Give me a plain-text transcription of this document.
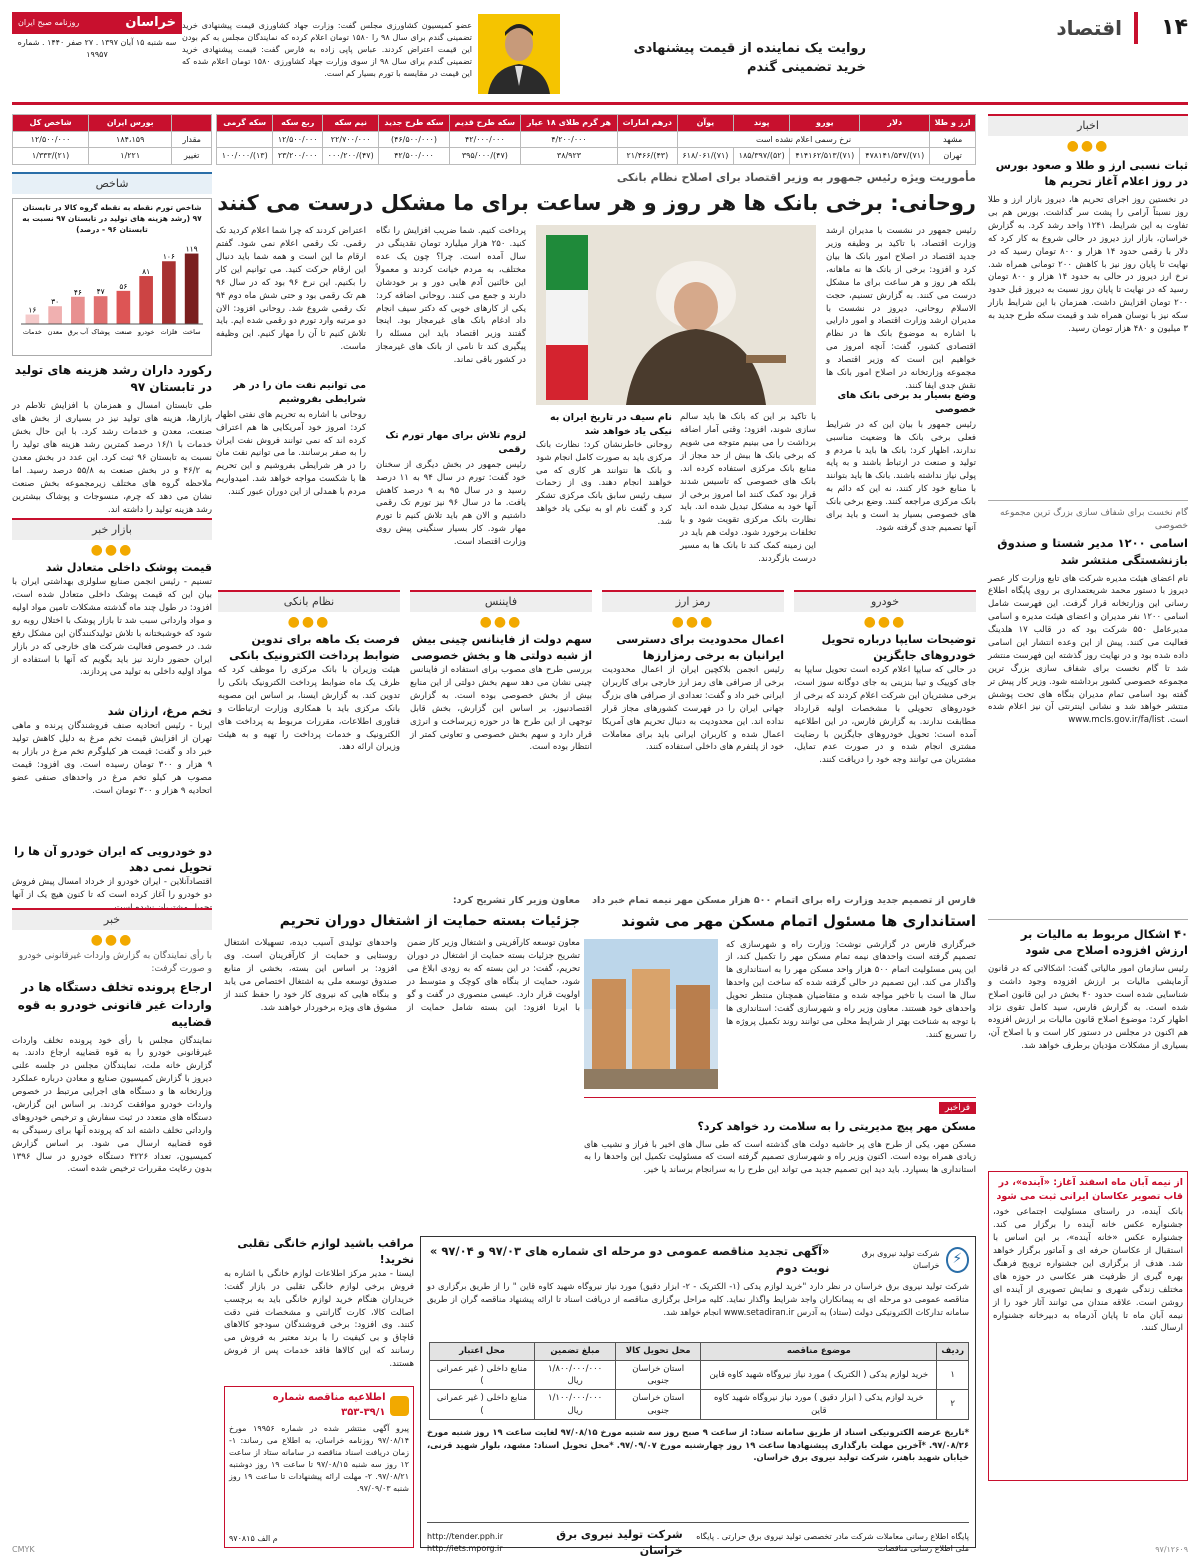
۱۴
اقتصاد
روایت یک نماینده از قیمت پیشنهادی
خرید تضمینی گندم
عضو کمیسیون کشاورزی مجلس گفت: وزارت جهاد کشاورزی قیمت پیشنهادی خرید تضمینی گندم برای سال ۹۸ را ۱۵۸۰ تومان اعلام کرده که نمایندگان مجلس به کم بودن این قیمت اعتراض کردند. عباس پاپی زاده به فارس گفت: قیمت پیشنهادی خرید تضمینی گندم برای سال ۹۸ از سوی وزارت جهاد کشاورزی ۱۵۸۰ تومان اعلام شده که این قیمت در مقایسه با تورم بسیار کم است.
خراسان
روزنامه صبح ایران
سه شنبه ۱۵ آبان ۱۳۹۷ . ۲۷ صفر ۱۴۴۰ . شماره ۱۹۹۵۷
اخبار
●●●
ثبات نسبی ارز و طلا و صعود بورس در روز اعلام آغاز تحریم ها
در نخستین روز اجرای تحریم ها، دیروز بازار ارز و طلا روز نسبتاً آرامی را پشت سر گذاشت. بورس هم بی تفاوت به این شرایط، ۱۲۴۱ واحد رشد کرد. به گزارش خراسان، بازار ارز دیروز در حالی شروع به کار کرد که دلار با رقمی حدود ۱۴ هزار و ۸۰۰ تومان رسید که در نهایت تا پایان روز نیز با کاهش ۲۰۰ تومانی همراه شد. نرخ ارز دیروز در حالی به حدود ۱۴ هزار و ۸۰۰ تومان رسید که در نهایت تا پایان روز نسبت به دیروز قبل حدود ۲۰۰ تومان افزایش داشت. همزمان با این شرایط بازار سکه نیز با نوسان همراه شد و قیمت سکه طرح جدید به ۳ میلیون و ۴۸۰ هزار تومان رسید.
گام نخست برای شفاف سازی بزرگ ترین مجموعه خصوصی
اسامی ۱۲۰۰ مدیر شستا و صندوق بازنشستگی منتشر شد
نام اعضای هیئت مدیره شرکت های تابع وزارت کار عصر دیروز با دستور محمد شریعتمداری بر روی پایگاه اطلاع رسانی این وزارتخانه قرار گرفت. این فهرست شامل اسامی ۱۲۰۰ نفر مدیران و اعضای هیئت مدیره و اسامی مدیرعامل ۵۵۰ شرکت بود که در قالب ۱۷ هلدینگ فعالیت می کنند. پیش از این وعده انتشار این اسامی داده شده بود و در نهایت روز گذشته این فهرست منتشر شد تا گام نخست برای شفاف سازی بزرگ ترین مجموعه خصوصی کشور برداشته شود. وزیر کار پیش تر گفته بود اسامی تمام مدیران بنگاه های تحت پوشش منتشر خواهد شد و نشانی اینترنتی آن نیز اعلام شده است. www.mcls.gov.ir/fa/list
۴۰ اشکال مربوط به مالیات بر ارزش افزوده اصلاح می شود
رئیس سازمان امور مالیاتی گفت: اشکالاتی که در قانون آزمایشی مالیات بر ارزش افزوده وجود داشت و شناسایی شده است حدود ۴۰ بخش در این قانون اصلاح شده است. به گزارش فارس، سید کامل تقوی نژاد اظهار کرد: موضوع اصلاح قانون مالیات بر ارزش افزوده هم اکنون در مجلس در دستور کار است و با اصلاح آن، بسیاری از مشکلات مؤدیان برطرف خواهد شد.
از نیمه آبان ماه اسفند آغاز: «آینده»، در قاب تصویر عکاسان ایرانی ثبت می شود
بانک آینده، در راستای مسئولیت اجتماعی خود، جشنواره عکس خانه آینده را برگزار می کند. جشنواره عکس «خانه آینده»، بر این اساس با استقبال از عکاسان حرفه ای و آماتور برگزار خواهد شد. هدف از برگزاری این جشنواره ترویج فرهنگ بهره گیری از ظرفیت هنر عکاسی در حوزه های مختلف زندگی شهری و نمایش تصویری از آینده ای روشن است. علاقه مندان می توانند آثار خود را از نیمه آبان ماه تا پایان آذرماه به دبیرخانه جشنواره ارسال کنند.
ارز و طلا	دلار	یورو	پوند	یوآن	درهم امارات	هر گرم طلای ۱۸ عیار	سکه طرح قدیم	سکه طرح جدید	نیم سکه	ربع سکه	سکه گرمی
مشهد	نرخ رسمی اعلام نشده است					۴/۲۰۰/۰۰۰	۴۲/۰۰۰/۰۰۰	(۴۶/۵۰۰/۰۰۰)	۲۲/۷۰۰/۰۰۰	۱۲/۵۰۰/۰۰۰	
تهران	(۷۱)/۴۷۸۱۴۱/۵۴۷	(۷۱)/۴۱۴۱۶۲/۵۱۳	(۵۲)/۱۸۵/۳۹۷	(۷۱)/۶۱۸/۰۶۱	(۴۳)/۲۱/۴۶۶	۳۸/۹۲۳	(۴۷)/۳۹۵/۰۰۰	۴۲/۵۰۰/۰۰۰	(۴۷)/۰۰۰/۲۰۰	۲۳/۲۰۰/۰۰۰	(۱۳)/۱۰۰/۰۰۰
	بورس ایران	شاخص کل
مقدار	۱۸۴،۱۵۹	۱۲/۵۰۰/۰۰۰
تغییر	۱/۲۲۱	(۲۱)/۱/۳۳۳
مأموریت ویژه رئیس جمهور به وزیر اقتصاد برای اصلاح نظام بانکی
روحانی: برخی بانک ها هر روز و هر ساعت برای ما مشکل درست می کنند
رئیس جمهور در نشست با مدیران ارشد وزارت اقتصاد، با تاکید بر وظیفه وزیر جدید اقتصاد در اصلاح امور بانک ها بیان کرد و افزود: برخی از بانک ها نه ماهانه، بلکه هر روز و هر ساعت برای ما مشکل درست می کنند. به گزارش تسنیم، حجت الاسلام روحانی، دیروز در نشست با مدیران ارشد وزارت اقتصاد و امور دارایی با اشاره به موضوع بانک ها در نظام اقتصادی کشور، گفت: آنچه امروز می خواهیم این است که وزیر اقتصاد و مجموعه وزارتخانه در اصلاح امور بانک ها نقش جدی ایفا کنند.
وضع بسیار بد برخی بانک های خصوصی
رئیس جمهور با بیان این که در شرایط فعلی برخی بانک ها وضعیت مناسبی ندارند، اظهار کرد: بانک ها باید با مردم و تولید و صنعت در ارتباط باشند و به پایه پولی نیاز نداشته باشند. بانک ها باید بتوانند با منابع خود کار کنند، نه این که دائم به بانک مرکزی مراجعه کنند. وضع برخی بانک های خصوصی بسیار بد است و باید برای آنها تصمیم جدی گرفته شود.
با تاکید بر این که بانک ها باید سالم سازی شوند، افزود: وقتی آمار اضافه برداشت را می بینیم متوجه می شویم که برخی بانک ها بیش از حد مجاز از منابع بانک مرکزی استفاده کرده اند. بانک های خصوصی که تاسیس شدند قرار بود کمک کنند اما امروز برخی از آنها خود به مشکل تبدیل شده اند. باید نظارت بانک مرکزی تقویت شود و با تخلفات برخورد شود. دولت هم باید در این زمینه کمک کند تا بانک ها به مسیر درست بازگردند.
نام سیف در تاریخ ایران به نیکی یاد خواهد شد
روحانی خاطرنشان کرد: نظارت بانک مرکزی باید به صورت کامل انجام شود و بانک ها نتوانند هر کاری که می خواهند انجام دهند. وی از زحمات سیف رئیس سابق بانک مرکزی تشکر کرد و گفت نام او به نیکی یاد خواهد شد.
پرداخت کنیم. شما ضریب افزایش را نگاه کنید. ۲۵۰ هزار میلیارد تومان نقدینگی در سال آمده است. چرا؟ چون یک عده مختلف، به مردم خیانت کردند و معمولاً این خائنین آدم هایی دور و بر خودشان دارند و جمع می کنند. روحانی اضافه کرد: یکی از کارهای خوبی که دکتر سیف انجام داد ادغام بانک های غیرمجاز بود. اینجا گفتند وزیر اقتصاد باید این مسئله را پیگیری کند تا نامی از بانک های غیرمجاز در کشور باقی نماند.
لزوم تلاش برای مهار تورم تک رقمی
رئیس جمهور در بخش دیگری از سخنان خود گفت: تورم در سال ۹۴ به ۱۱ درصد رسید و در سال ۹۵ به ۹ درصد کاهش یافت. ما در سال ۹۶ نیز تورم تک رقمی داشتیم و الان هم باید تلاش کنیم تا تورم مهار شود. کار بسیار سنگینی پیش روی وزارت اقتصاد است.
اعتراض کردند که چرا شما اعلام کردید تک رقمی. تک رقمی اعلام نمی شود. گفتم ارقام ما این است و همه شما باید دنبال این ارقام حرکت کنید. می توانیم این کار را بکنیم. این نرخ ۹۶ بود که در سال ۹۶ هم تک رقمی بود و حتی شش ماه دوم ۹۴ تک رقمی شروع شد. روحانی افزود: الان دو مرتبه وارد تورم دو رقمی شده ایم. باید تلاش کنیم تا آن را مهار کنیم. این وظیفه ماست.
می توانیم نفت مان را در هر شرایطی بفروشیم
روحانی با اشاره به تحریم های نفتی اظهار کرد: امروز خود آمریکایی ها هم اعتراف کرده اند که نمی توانند فروش نفت ایران را به صفر برسانند. ما می توانیم نفت مان را در هر شرایطی بفروشیم و این تحریم ها با شکست مواجه خواهد شد. امیدواریم مردم با همدلی از این دوران عبور کنند.
شاخص
شاخص تورم نقطه به نقطه گروه کالا در تابستان ۹۷ (رشد هزینه های تولید در تابستان ۹۷ نسبت به تابستان ۹۶ - درصد)
۱۱۹
ساخت
۱۰۶
فلزات
۸۱
خودرو
۵۶
صنعت
۴۷
پوشاک
۴۶
آب برق
۳۰
معدن
۱۶
خدمات
رکورد داران رشد هزینه های تولید در تابستان ۹۷
طی تابستان امسال و همزمان با افزایش تلاطم در بازارها، هزینه های تولید نیز در بسیاری از بخش های صنعت، معدن و خدمات رشد کرد. با این حال بخش خدمات با ۱۶/۱ درصد کمترین رشد هزینه های تولید را نسبت به تابستان ۹۶ ثبت کرد. این عدد در بخش معدن به ۴۶/۲ و در بخش صنعت به ۵۵/۸ درصد رسید. اما ملاحظه گروه های مختلف زیرمجموعه بخش صنعت نشان می دهد که چرم، منسوجات و پوشاک بیشترین رشد هزینه تولید را داشته اند.
بازار خبر
●●●
قیمت پوشک داخلی متعادل شد
تسنیم - رئیس انجمن صنایع سلولزی بهداشتی ایران با بیان این که قیمت پوشک داخلی متعادل شده است، افزود: در طول چند ماه گذشته مشکلات تامین مواد اولیه و مواد وارداتی سبب شد تا بازار پوشک با اختلال روبه رو شود که خوشبختانه با تلاش تولیدکنندگان این مشکل رفع شد. در خصوص فعالیت شرکت های خارجی که در بازار ایران حضور دارند نیز باید بگویم که آنها با استفاده از مواد اولیه داخلی به تولید می پردازند.
تخم مرغ، ارزان شد
ایرنا - رئیس اتحادیه صنف فروشندگان پرنده و ماهی تهران از افزایش قیمت تخم مرغ به دلیل کاهش تولید خبر داد و گفت: قیمت هر کیلوگرم تخم مرغ در بازار به ۹ هزار و ۳۰۰ تومان رسیده است. وی افزود: قیمت مصوب هر کیلو تخم مرغ در واحدهای صنفی عضو اتحادیه ۹ هزار و ۳۰۰ تومان است.
دو خودرویی که ایران خودرو آن ها را تحویل نمی دهد
اقتصادآنلاین - ایران خودرو از خرداد امسال پیش فروش دو خودرو را آغاز کرده است که تا کنون هیچ یک از آنها
خبر
●●●
با رأی نمایندگان به گزارش واردات غیرقانونی خودرو و صورت گرفت:
ارجاع پرونده تخلف دستگاه ها در واردات غیر قانونی خودرو به قوه قضاییه
نمایندگان مجلس با رأی خود پرونده تخلف واردات غیرقانونی خودرو را به قوه قضاییه ارجاع دادند. به گزارش خانه ملت، نمایندگان مجلس در جلسه علنی دیروز با گزارش کمیسیون صنایع و معادن درباره عملکرد وزارتخانه ها و دستگاه های اجرایی مرتبط در خصوص واردات خودرو موافقت کردند. بر اساس این گزارش، دستگاه های متعدد در ثبت سفارش و ترخیص خودروهای وارداتی تخلف داشته اند که پرونده آنها برای رسیدگی به قوه قضاییه ارسال می شود. بر اساس گزارش کمیسیون، تعداد ۴۲۲۶ دستگاه خودرو در سال ۱۳۹۶ بدون رعایت مقررات ترخیص شده است.
خودرو
●●●
توضیحات سایپا درباره تحویل خودروهای جایگزین
در حالی که سایپا اعلام کرده است تحویل سایپا به جای کوییک و تیبا بنزینی به جای دوگانه سوز است، برخی مشتریان این شرکت اعلام کردند که برخی از خودروهای تحویلی با مشخصات اولیه قرارداد مطابقت ندارند. به گزارش فارس، در این اطلاعیه آمده است: تحویل خودروهای جایگزین با رضایت مشتری انجام شده و در صورت عدم تمایل، مشتریان می توانند وجه خود را دریافت کنند.
رمز ارز
●●●
اعمال محدودیت برای دسترسی ایرانیان به برخی رمزارزها
رئیس انجمن بلاکچین ایران از اعمال محدودیت برخی از صرافی های رمز ارز خارجی برای کاربران ایرانی خبر داد و گفت: تعدادی از صرافی های بزرگ جهانی ایران را در فهرست کشورهای مجاز قرار نداده اند. این محدودیت به دنبال تحریم های آمریکا اعمال شده و کاربران ایرانی باید برای معاملات خود از پلتفرم های داخلی استفاده کنند.
فایننس
●●●
سهم دولت از فاینانس چینی بیش از شبه دولتی ها و بخش خصوصی
بررسی طرح های مصوب برای استفاده از فاینانس چینی نشان می دهد سهم بخش دولتی از این منابع بیش از بخش خصوصی بوده است. به گزارش اقتصادنیوز، بر اساس این گزارش، بخش قابل توجهی از این طرح ها در حوزه زیرساخت و انرژی قرار دارد و سهم بخش خصوصی و تعاونی کمتر از انتظار بوده است.
نظام بانکی
●●●
فرصت یک ماهه برای تدوین ضوابط پرداخت الکترونیک بانکی
هیئت وزیران با بانک مرکزی را موظف کرد که ظرف یک ماه ضوابط پرداخت الکترونیک بانکی را تدوین کند. به گزارش ایسنا، بر اساس این مصوبه بانک مرکزی باید با همکاری وزارت ارتباطات و فناوری اطلاعات، مقررات مربوط به پرداخت های الکترونیک و خدمات پرداخت را تهیه و به هیئت وزیران ارائه دهد.
فارس از تصمیم جدید وزارت راه برای اتمام ۵۰۰ هزار مسکن مهر نیمه تمام خبر داد
استانداری ها مسئول اتمام مسکن مهر می شوند
خبرگزاری فارس در گزارشی نوشت: وزارت راه و شهرسازی که تصمیم گرفته است واحدهای نیمه تمام مسکن مهر را تکمیل کند، از این پس مسئولیت اتمام ۵۰۰ هزار واحد مسکن مهر را به استانداری ها واگذار می کند. این تصمیم در حالی گرفته شده که ساخت این واحدها سال ها است با تاخیر مواجه شده و متقاضیان همچنان منتظر تحویل واحدهای خود هستند. معاون وزیر راه و شهرسازی گفت: استانداری ها با توجه به شناخت بهتر از شرایط محلی می توانند روند تکمیل پروژه ها را تسریع کنند.
فراخبر
مسکن مهر پیچ مدیریتی را به سلامت رد خواهد کرد؟
مسکن مهر، یکی از طرح های پر حاشیه دولت های گذشته است که طی سال های اخیر با فراز و نشیب های زیادی همراه بوده است. اکنون وزیر راه و شهرسازی تصمیم گرفته است که مسئولیت تکمیل این واحدها را به استانداری ها بسپارد. باید دید این تصمیم جدید می تواند این طرح را به سرانجام برساند یا خیر.
معاون وزیر کار تشریح کرد:
جزئیات بسته حمایت از اشتغال دوران تحریم
معاون توسعه کارآفرینی و اشتغال وزیر کار ضمن تشریح جزئیات بسته حمایت از اشتغال در دوران تحریم، گفت: در این بسته که به زودی ابلاغ می شود، حمایت از بنگاه های کوچک و متوسط در اولویت قرار دارد. عیسی منصوری در گفت و گو با ایرنا افزود: این بسته شامل حمایت از واحدهای تولیدی آسیب دیده، تسهیلات اشتغال روستایی و حمایت از کارآفرینان است. وی افزود: بر اساس این بسته، بخشی از منابع صندوق توسعه ملی به اشتغال اختصاص می یابد و بنگاه هایی که نیروی کار خود را حفظ کنند از مشوق های ویژه برخوردار خواهند شد.
⚡
شرکت تولید نیروی برق خراسان
«آگهی تجدید مناقصه عمومی دو مرحله ای شماره های ۹۷/۰۳ و ۹۷/۰۴ » نوبت دوم
شرکت تولید نیروی برق خراسان در نظر دارد "خرید لوازم یدکی (۱- الکتریک - ۲- ابزار دقیق) مورد نیاز نیروگاه شهید کاوه قاین " را از طریق برگزاری دو مناقصه عمومی دو مرحله ای به پیمانکاران واجد شرایط واگذار نماید. کلیه مراحل برگزاری مناقصه از دریافت اسناد تا ارائه پیشنهاد مناقصه گران از طریق سامانه تدارکات الکترونیکی دولت (ستاد) به آدرس www.setadiran.ir انجام خواهد شد.
ردیف	موضوع مناقصه	محل تحویل کالا	مبلغ تضمین	محل اعتبار
۱	خرید لوازم یدکی ( الکتریک ) مورد نیاز نیروگاه شهید کاوه قاین	استان خراسان جنوبی	۱/۸۰۰/۰۰۰/۰۰۰ ریال	منابع داخلی ( غیر عمرانی )
۲	خرید لوازم یدکی ( ابزار دقیق ) مورد نیاز نیروگاه شهید کاوه قاین	استان خراسان جنوبی	۱/۱۰۰/۰۰۰/۰۰۰ ریال	منابع داخلی ( غیر عمرانی )
*تاریخ عرضه الکترونیکی اسناد از طریق سامانه ستاد: از ساعت ۹ صبح روز سه شنبه مورخ ۹۷/۰۸/۱۵ لغایت ساعت ۱۹ روز شنبه مورخ ۹۷/۰۸/۲۶. *آخرین مهلت بارگذاری پیشنهادها ساعت ۱۹ روز چهارشنبه مورخ ۹۷/۰۹/۰۷. *محل تحویل اسناد: مشهد، بلوار شهید قرنی، خیابان شهید باهنر، شرکت تولید نیروی برق خراسان.
پایگاه اطلاع رسانی معاملات شرکت مادر تخصصی تولید نیروی برق حرارتی . پایگاه ملی اطلاع رسانی مناقصات
شرکت تولید نیروی برق خراسان
http://tender.pph.ir http://iets.mporg.ir
مراقب باشید لوازم خانگی تقلبی نخرید!
ایسنا - مدیر مرکز اطلاعات لوازم خانگی با اشاره به فروش برخی لوازم خانگی تقلبی در بازار گفت: خریداران هنگام خرید لوازم خانگی باید به برچسب اصالت کالا، کارت گارانتی و مشخصات فنی دقت کنند. وی افزود: برخی فروشندگان سودجو کالاهای قاچاق و بی کیفیت را با برند معتبر به فروش می رسانند که این کالاها فاقد خدمات پس از فروش هستند.
اطلاعیه مناقصه شماره ۳۹/۱-۳۵۳
پیرو آگهی منتشر شده در شماره ۱۹۹۵۶ مورخ ۹۷/۰۸/۱۴ روزنامه خراسان، به اطلاع می رساند: ۱- زمان دریافت اسناد مناقصه در سامانه ستاد از ساعت ۱۲ روز سه شنبه ۹۷/۰۸/۱۵ تا ساعت ۱۹ روز دوشنبه ۹۷/۰۸/۲۱. ۲- مهلت ارائه پیشنهادات تا ساعت ۱۹ روز شنبه ۹۷/۰۹/۰۳.
م الف ۹۷۰۸۱۵
CMYK	۹۷/۱۲۶۰۹
